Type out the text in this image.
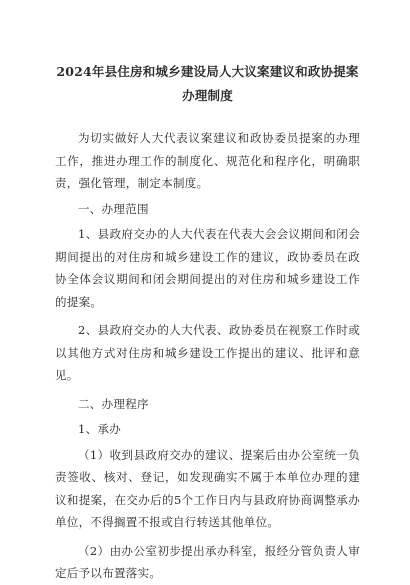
2024年县住房和城乡建设局人大议案建议和政协提案办理制度

为切实做好人大代表议案建议和政协委员提案的办理工作，推进办理工作的制度化、规范化和程序化，明确职责，强化管理，制定本制度。

一、办理范围

1、县政府交办的人大代表在代表大会会议期间和闭会期间提出的对住房和城乡建设工作的建议，政协委员在政协全体会议期间和闭会期间提出的对住房和城乡建设工作的提案。

2、县政府交办的人大代表、政协委员在视察工作时或以其他方式对住房和城乡建设工作提出的建议、批评和意见。

二、办理程序

1、承办

（1）收到县政府交办的建议、提案后由办公室统一负责签收、核对、登记，如发现确实不属于本单位办理的建议和提案，在交办后的5个工作日内与县政府协商调整承办单位，不得搁置不报或自行转送其他单位。

（2）由办公室初步提出承办科室，报经分管负责人审定后予以布置落实。
